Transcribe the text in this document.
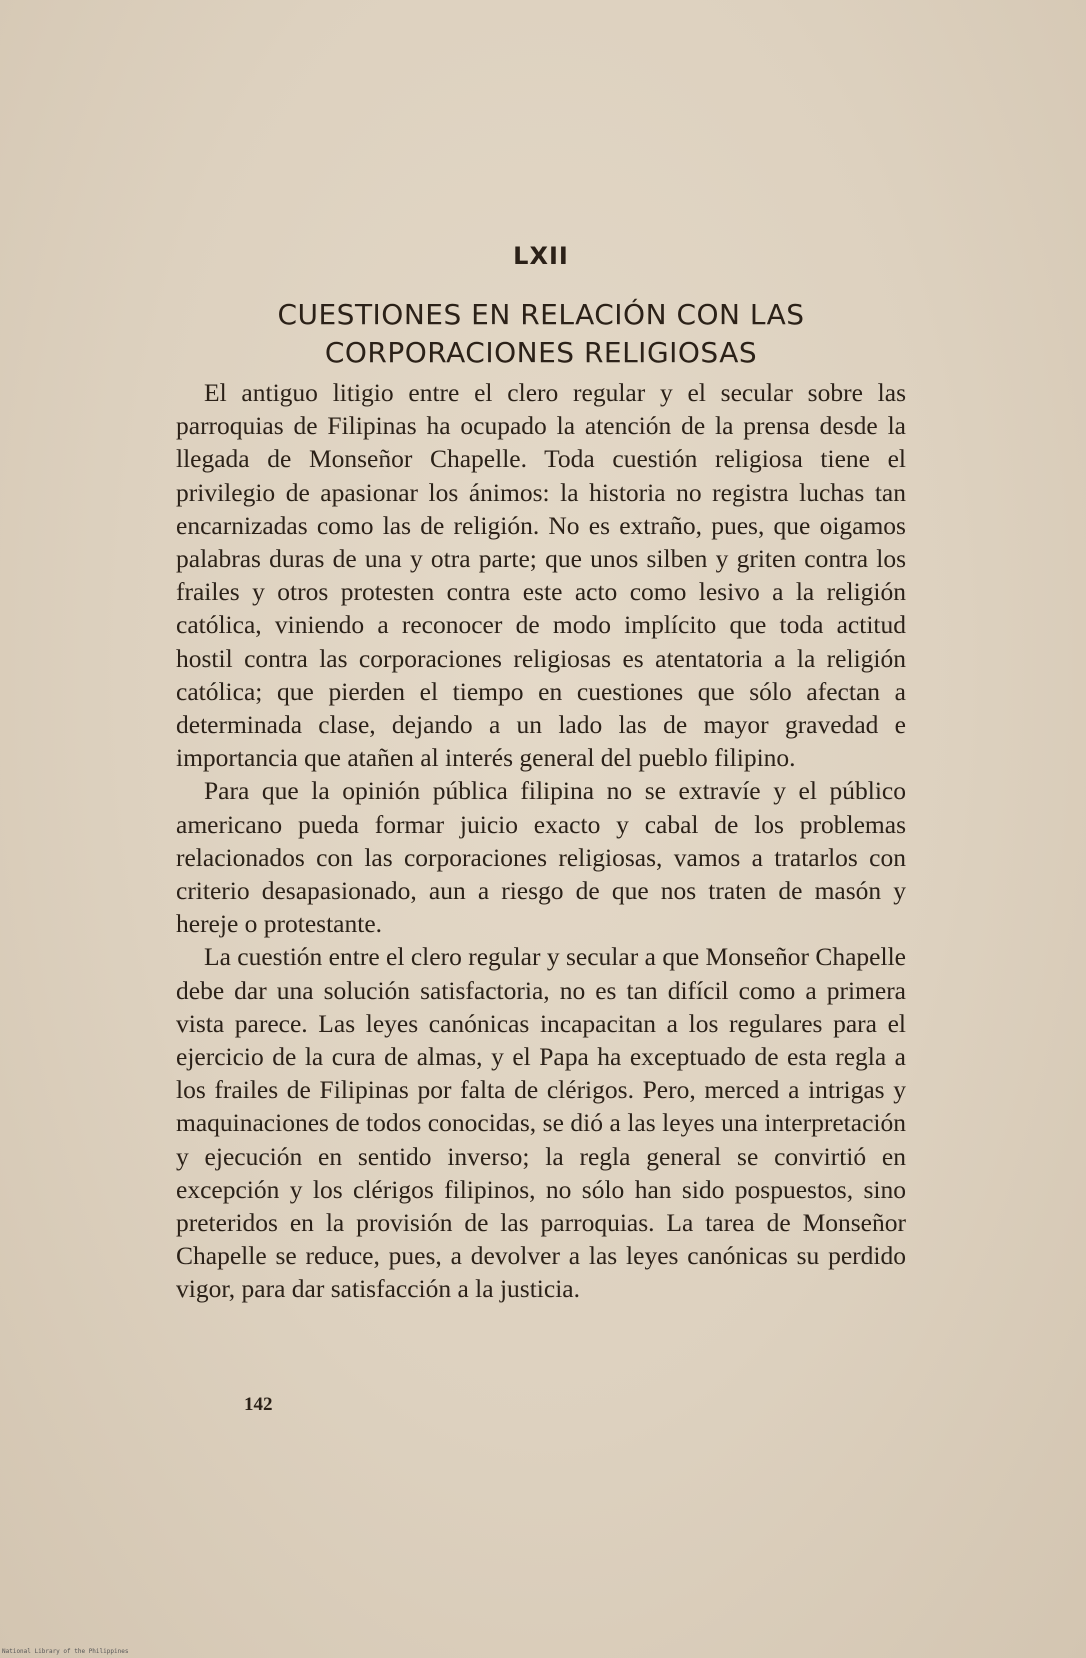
LXII
CUESTIONES EN RELACIÓN CON LAS
CORPORACIONES RELIGIOSAS

El antiguo litigio entre el clero regular y el secular sobre las parroquias de Filipinas ha ocupado la atención de la prensa desde la llegada de Monseñor Chapelle. Toda cuestión religiosa tiene el privilegio de apasionar los ánimos: la historia no registra luchas tan encarnizadas como las de religión. No es extraño, pues, que oigamos palabras duras de una y otra parte; que unos silben y griten contra los frailes y otros protesten contra este acto como lesivo a la religión católica, viniendo a reconocer de modo implícito que toda actitud hostil contra las corporaciones religiosas es atentatoria a la religión católica; que pierden el tiempo en cuestiones que sólo afectan a determinada clase, dejando a un lado las de mayor gravedad e importancia que atañen al interés general del pueblo filipino.

Para que la opinión pública filipina no se extravíe y el público americano pueda formar juicio exacto y cabal de los problemas relacionados con las corporaciones religiosas, vamos a tratarlos con criterio desapasionado, aun a riesgo de que nos traten de masón y hereje o protestante.

La cuestión entre el clero regular y secular a que Monseñor Chapelle debe dar una solución satisfactoria, no es tan difícil como a primera vista parece. Las leyes canónicas incapacitan a los regulares para el ejercicio de la cura de almas, y el Papa ha exceptuado de esta regla a los frailes de Filipinas por falta de clérigos. Pero, merced a intrigas y maquinaciones de todos conocidas, se dió a las leyes una interpretación y ejecución en sentido inverso; la regla general se convirtió en excepción y los clérigos filipinos, no sólo han sido pospuestos, sino preteridos en la provisión de las parroquias. La tarea de Monseñor Chapelle se reduce, pues, a devolver a las leyes canónicas su perdido vigor, para dar satisfacción a la justicia.

142
National Library of the Philippines
